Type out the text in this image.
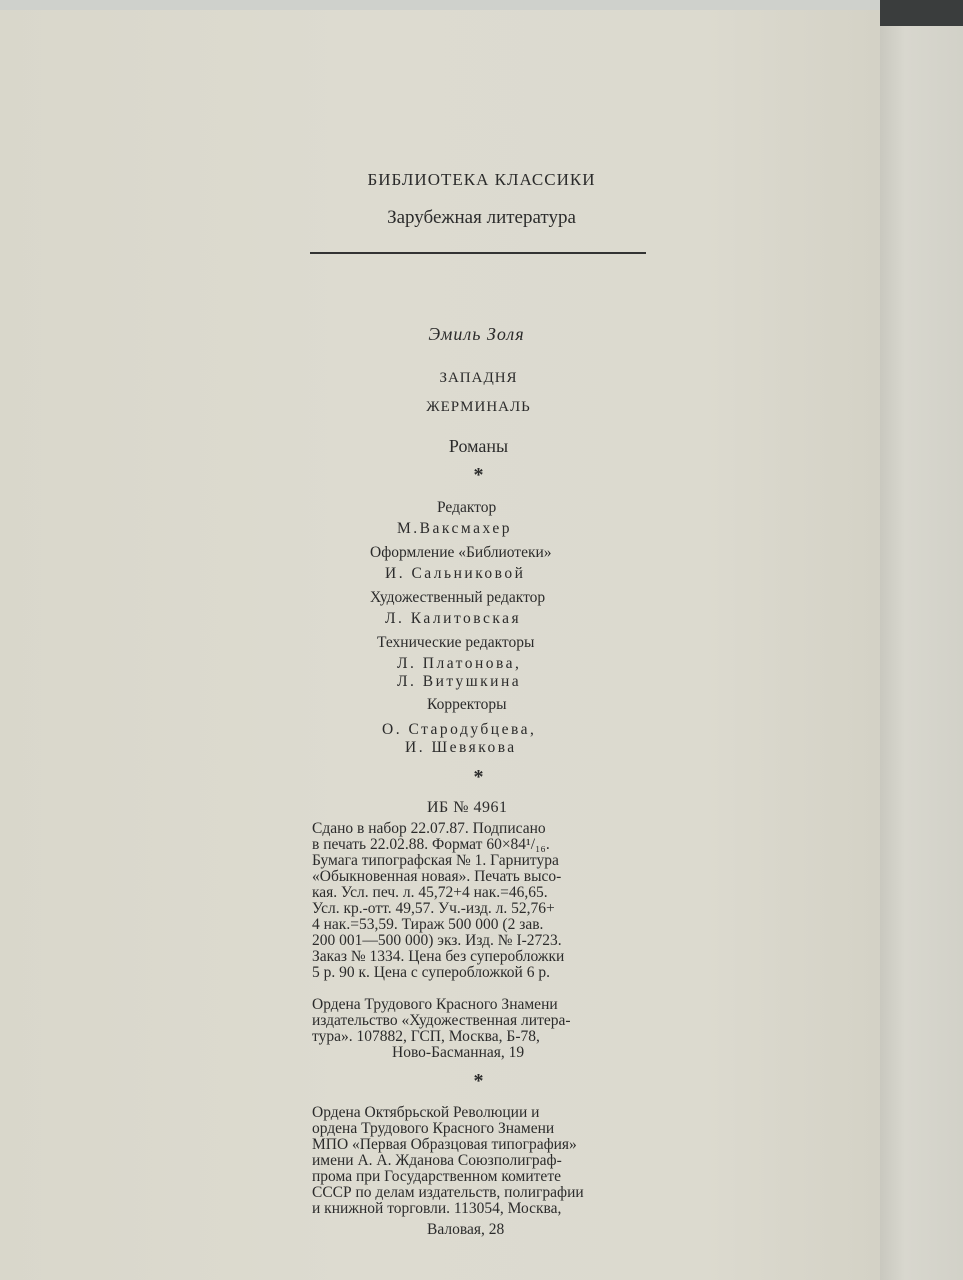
БИБЛИОТЕКА КЛАССИКИ
Зарубежная литература
Эмиль Золя
ЗАПАДНЯ
ЖЕРМИНАЛЬ
Романы
*
Редактор
М.Ваксмахер
Оформление «Библиотеки»
И. Сальниковой
Художественный редактор
Л. Калитовская
Технические редакторы
Л. Платонова,
Л. Витушкина
Корректоры
О. Стародубцева,
И. Шевякова
*
ИБ № 4961
Сдано в набор 22.07.87. Подписано
в печать 22.02.88. Формат 60×84¹/₁₆.
Бумага типографская № 1. Гарнитура
«Обыкновенная новая». Печать высо-
кая. Усл. печ. л. 45,72+4 нак.=46,65.
Усл. кр.-отт. 49,57. Уч.-изд. л. 52,76+
4 нак.=53,59. Тираж 500 000 (2 зав.
200 001—500 000) экз. Изд. № I-2723.
Заказ № 1334. Цена без суперобложки
5 р. 90 к. Цена с суперобложкой 6 р.
Ордена Трудового Красного Знамени
издательство «Художественная литера-
тура». 107882, ГСП, Москва, Б-78,
Ново-Басманная, 19
*
Ордена Октябрьской Революции и
ордена Трудового Красного Знамени
МПО «Первая Образцовая типография»
имени А. А. Жданова Союзполиграф-
прома при Государственном комитете
СССР по делам издательств, полиграфии
и книжной торговли. 113054, Москва,
Валовая, 28
